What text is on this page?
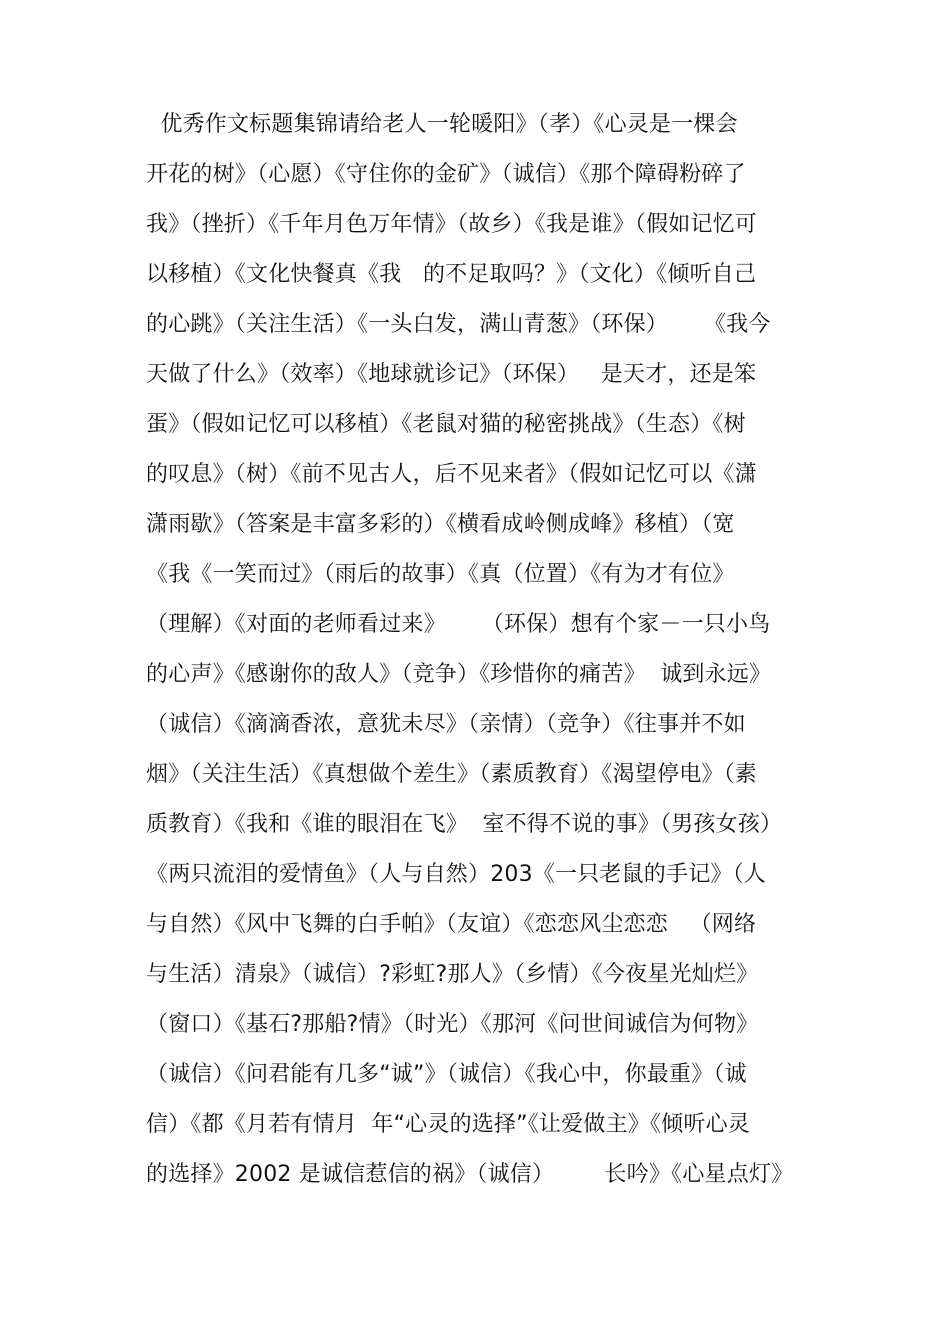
优秀作文标题集锦请给老人一轮暖阳》（孝）《心灵是一棵会
开花的树》（心愿）《守住你的金矿》（诚信）《那个障碍粉碎了
我》（挫折）《千年月色万年情》（故乡）《我是谁》（假如记忆可
以移植）《文化快餐真《我   的不足取吗？》（文化）《倾听自己
的心跳》（关注生活）《一头白发，满山青葱》（环保）     《我今
天做了什么》（效率）《地球就诊记》（环保）   是天才，还是笨
蛋》（假如记忆可以移植）《老鼠对猫的秘密挑战》（生态）《树
的叹息》（树）《前不见古人，后不见来者》（假如记忆可以《潇
潇雨歇》（答案是丰富多彩的）《横看成岭侧成峰》移植）（宽
《我《一笑而过》（雨后的故事）《真（位置）《有为才有位》
（理解）《对面的老师看过来》     （环保）想有个家－一只小鸟
的心声》《感谢你的敌人》（竞争）《珍惜你的痛苦》  诚到永远》
（诚信）《滴滴香浓，意犹未尽》（亲情）（竞争）《往事并不如
烟》（关注生活）《真想做个差生》（素质教育）《渴望停电》（素
质教育）《我和《谁的眼泪在飞》  室不得不说的事》（男孩女孩）
《两只流泪的爱情鱼》（人与自然）203《一只老鼠的手记》（人
与自然）《风中飞舞的白手帕》（友谊）《恋恋风尘恋恋   （网络
与生活）清泉》（诚信）?彩虹?那人》（乡情）《今夜星光灿烂》
（窗口）《基石?那船?情》（时光）《那河《问世间诚信为何物》
（诚信）《问君能有几多“诚”》（诚信）《我心中，你最重》（诚
信）《都《月若有情月  年“心灵的选择”《让爱做主》《倾听心灵
的选择》2002 是诚信惹信的祸》（诚信）       长吟》《心星点灯》
